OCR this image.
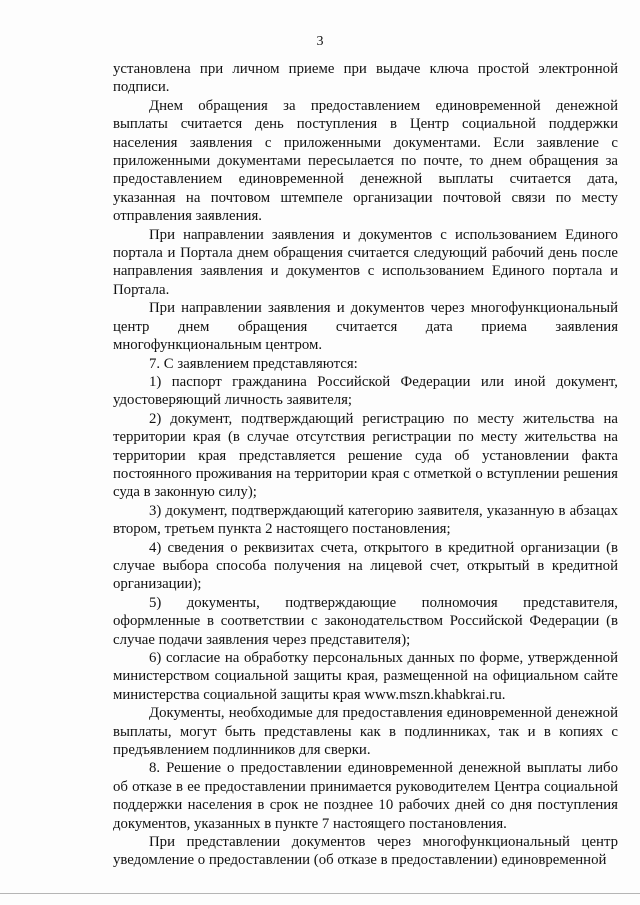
3

установлена при личном приеме при выдаче ключа простой электронной подписи.

Днем обращения за предоставлением единовременной денежной выплаты считается день поступления в Центр социальной поддержки населения заявления с приложенными документами. Если заявление с приложенными документами пересылается по почте, то днем обращения за предоставлением единовременной денежной выплаты считается дата, указанная на почтовом штемпеле организации почтовой связи по месту отправления заявления.

При направлении заявления и документов с использованием Единого портала и Портала днем обращения считается следующий рабочий день после направления заявления и документов с использованием Единого портала и Портала.

При направлении заявления и документов через многофункциональный центр днем обращения считается дата приема заявления многофункциональным центром.

7. С заявлением представляются:

1) паспорт гражданина Российской Федерации или иной документ, удостоверяющий личность заявителя;

2) документ, подтверждающий регистрацию по месту жительства на территории края (в случае отсутствия регистрации по месту жительства на территории края представляется решение суда об установлении факта постоянного проживания на территории края с отметкой о вступлении решения суда в законную силу);

3) документ, подтверждающий категорию заявителя, указанную в абзацах втором, третьем пункта 2 настоящего постановления;

4) сведения о реквизитах счета, открытого в кредитной организации (в случае выбора способа получения на лицевой счет, открытый в кредитной организации);

5) документы, подтверждающие полномочия представителя, оформленные в соответствии с законодательством Российской Федерации (в случае подачи заявления через представителя);

6) согласие на обработку персональных данных по форме, утвержденной министерством социальной защиты края, размещенной на официальном сайте министерства социальной защиты края www.mszn.khabkrai.ru.

Документы, необходимые для предоставления единовременной денежной выплаты, могут быть представлены как в подлинниках, так и в копиях с предъявлением подлинников для сверки.

8. Решение о предоставлении единовременной денежной выплаты либо об отказе в ее предоставлении принимается руководителем Центра социальной поддержки населения в срок не позднее 10 рабочих дней со дня поступления документов, указанных в пункте 7 настоящего постановления.

При представлении документов через многофункциональный центр уведомление о предоставлении (об отказе в предоставлении) единовременной
